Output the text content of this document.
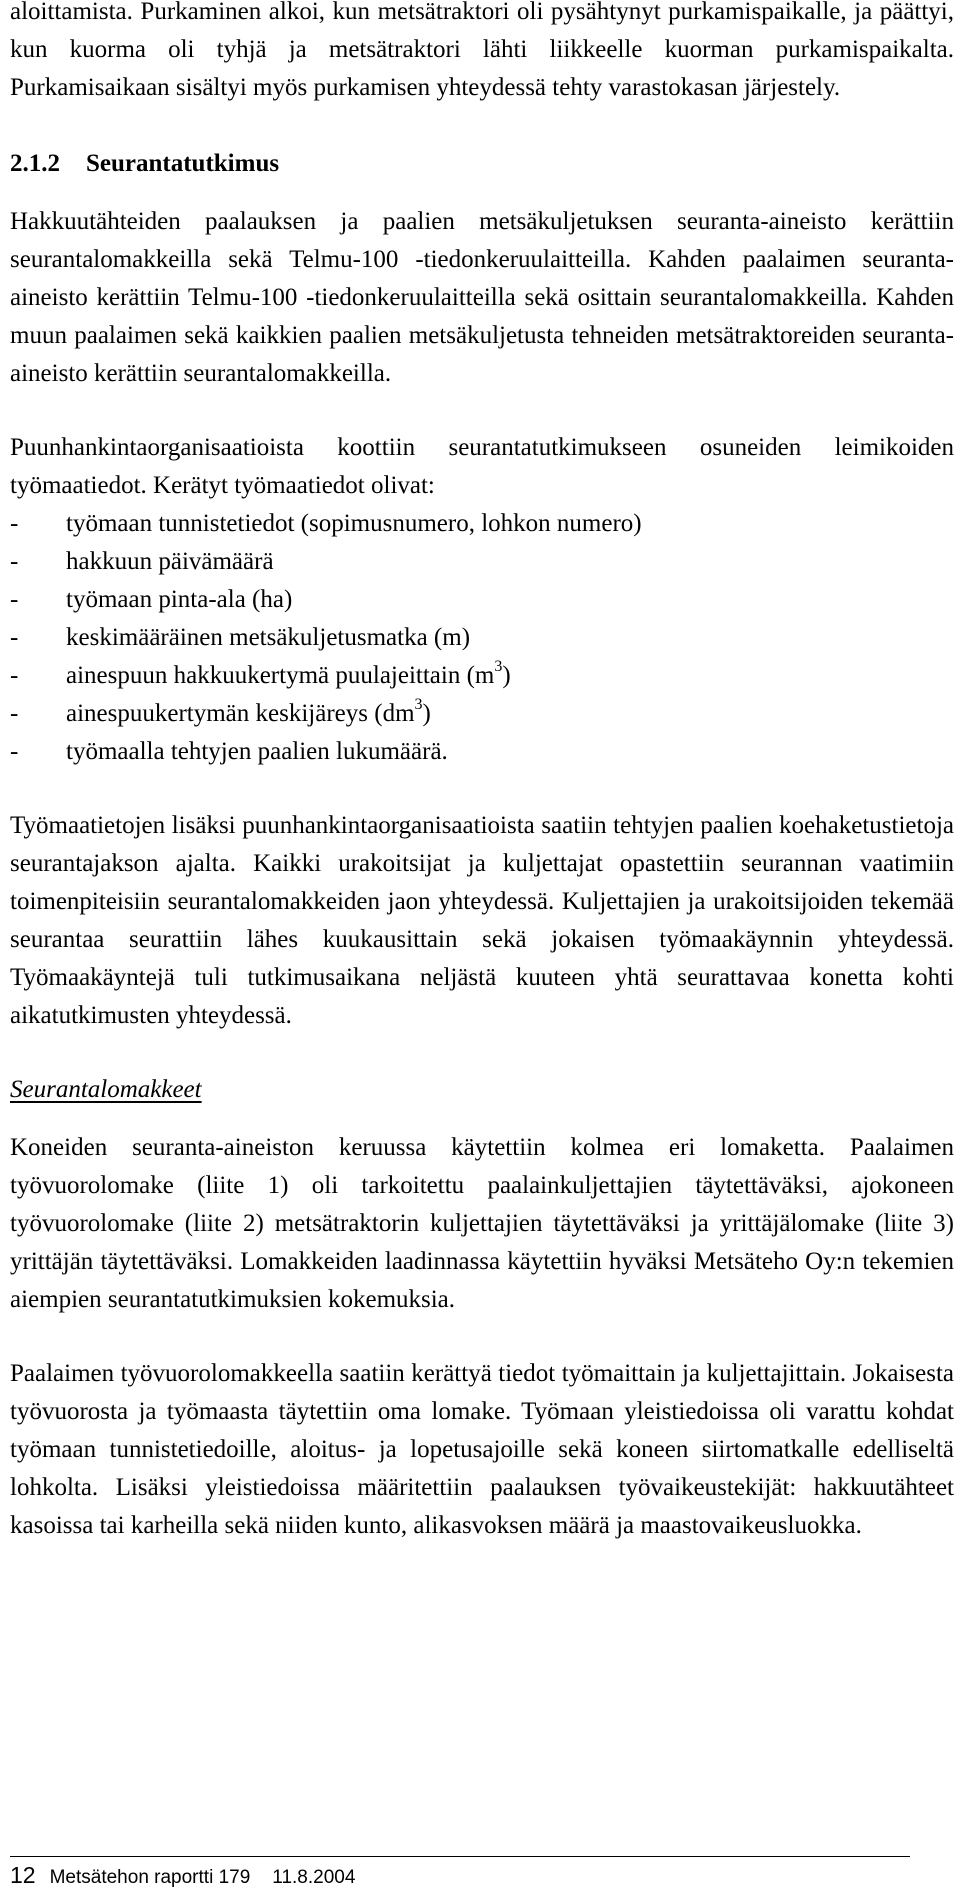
aloittamista. Purkaminen alkoi, kun metsätraktori oli pysähtynyt purkamispaikalle, ja päättyi, kun kuorma oli tyhjä ja metsätraktori lähti liikkeelle kuorman purkamispaikalta. Purkamisaikaan sisältyi myös purkamisen yhteydessä tehty varastokasan järjestely.

2.1.2 Seurantatutkimus

Hakkuutähteiden paalauksen ja paalien metsäkuljetuksen seuranta-aineisto kerättiin seurantalomakkeilla sekä Telmu-100 -tiedonkeruulaitteilla. Kahden paalaimen seuranta-aineisto kerättiin Telmu-100 -tiedonkeruulaitteilla sekä osittain seurantalomakkeilla. Kahden muun paalaimen sekä kaikkien paalien metsäkuljetusta tehneiden metsätraktoreiden seuranta-aineisto kerättiin seurantalomakkeilla.

Puunhankintaorganisaatioista koottiin seurantatutkimukseen osuneiden leimikoiden työmaatiedot. Kerätyt työmaatiedot olivat:

- työmaan tunnistetiedot (sopimusnumero, lohkon numero)
- hakkuun päivämäärä
- työmaan pinta-ala (ha)
- keskimääräinen metsäkuljetusmatka (m)
- ainespuun hakkuukertymä puulajeittain $(m^3)$
- ainespuukertymän keskijäreys $(dm^3)$
- työmaalla tehtyjen paalien lukumäärä.

Työmaatietojen lisäksi puunhankintaorganisaatioista saatiin tehtyjen paalien koehaketustietoja seurantajakson ajalta. Kaikki urakoitsijat ja kuljettajat opastettiin seurannan vaatimiin toimenpiteisiin seurantalomakkeiden jaon yhteydessä. Kuljettajien ja urakoitsijoiden tekemää seurantaa seurattiin lähes kuukausittain sekä jokaisen työmaakäynnin yhteydessä. Työmaakäyntejä tuli tutkimusaikana neljästä kuuteen yhtä seurattavaa konetta kohti aikatutkimusten yhteydessä.

Seurantalomakkeet

Koneiden seuranta-aineiston keruussa käytettiin kolmea eri lomaketta. Paalaimen työvuorolomake (liite 1) oli tarkoitettu paalainkuljettajien täytettäväksi, ajokoneen työvuorolomake (liite 2) metsätraktorin kuljettajien täytettäväksi ja yrittäjälomake (liite 3) yrittäjän täytettäväksi. Lomakkeiden laadinnassa käytettiin hyväksi Metsäteho Oy:n tekemien aiempien seurantatutkimuksien kokemuksia.

Paalaimen työvuorolomakkeella saatiin kerättyä tiedot työmaittain ja kuljettajittain. Jokaisesta työvuorosta ja työmaasta täytettiin oma lomake. Työmaan yleistiedoissa oli varattu kohdat työmaan tunnistetiedoille, aloitus- ja lopetusajoille sekä koneen siirtomatkalle edelliseltä lohkolta. Lisäksi yleistiedoissa määritettiin paalauksen työvaikeustekijät: hakkuutähteet kasoissa tai karheilla sekä niiden kunto, alikasvoksen määrä ja maastovaikeusluokka.

12 Metsätehon raportti 179 11.8.2004
